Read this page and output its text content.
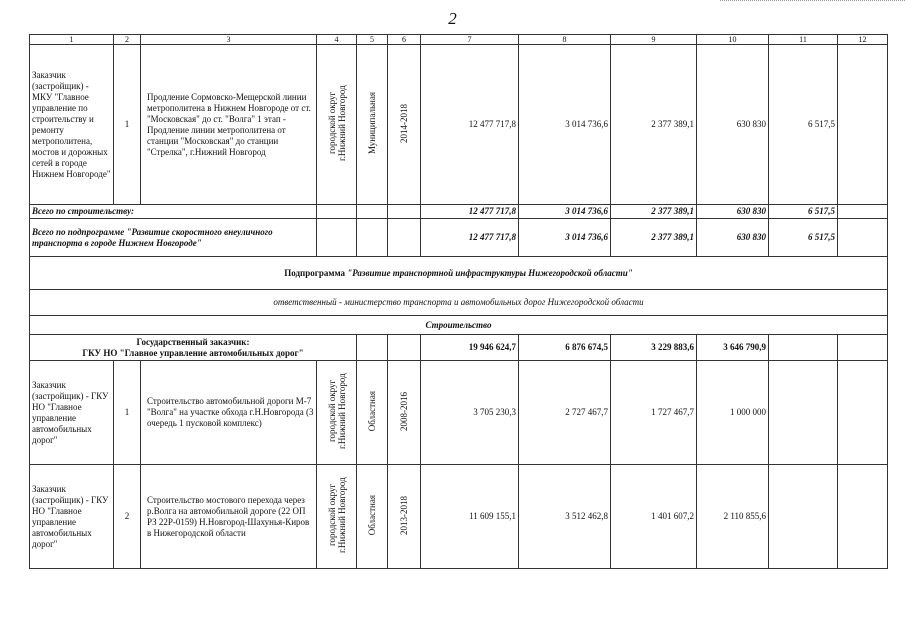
2
1	2	3	4	5	6	7	8	9	10	11	12
Заказчик (застройщик) - МКУ "Главное управление по строительству и ремонту метрополитена, мостов и дорожных сетей в городе Нижнем Новгороде"	1	Продление Сормовско-Мещерской линии метрополитена в Нижнем Новгороде от ст. "Московская" до ст. "Волга" 1 этап - Продление линии метрополитена от станции "Московская" до станции "Стрелка", г.Нижний Новгород	городской округ г.Нижний Новгород	Муниципальная	2014-2018	12 477 717,8	3 014 736,6	2 377 389,1	630 830	6 517,5	
Всего по строительству:						12 477 717,8	3 014 736,6	2 377 389,1	630 830	6 517,5	
Всего по подпрограмме "Развитие скоростного внеуличного транспорта в городе Нижнем Новгороде"						12 477 717,8	3 014 736,6	2 377 389,1	630 830	6 517,5	
Подпрограмма "Развитие транспортной инфраструктуры Нижегородской области"											
ответственный - министерство транспорта и автомобильных дорог Нижегородской области											
Строительство											

Государственный заказчик:
ГКУ НО "Главное управление автомобильных дорог"						19 946 624,7	6 876 674,5	3 229 883,6	3 646 790,9		
Заказчик (застройщик) - ГКУ НО "Главное управление автомобильных дорог"	1	Строительство автомобильной дороги М-7 "Волга" на участке обхода г.Н.Новгорода (3 очередь 1 пусковой комплекс)	городской округ г.Нижний Новгород	Областная	2008-2016	3 705 230,3	2 727 467,7	1 727 467,7	1 000 000		
Заказчик (застройщик) - ГКУ НО "Главное управление автомобильных дорог"	2	Строительство мостового перехода через р.Волга на автомобильной дороге (22 ОП РЗ 22Р-0159) Н.Новгород-Шахунья-Киров в Нижегородской области	городской округ г.Нижний Новгород	Областная	2013-2018	11 609 155,1	3 512 462,8	1 401 607,2	2 110 855,6		
